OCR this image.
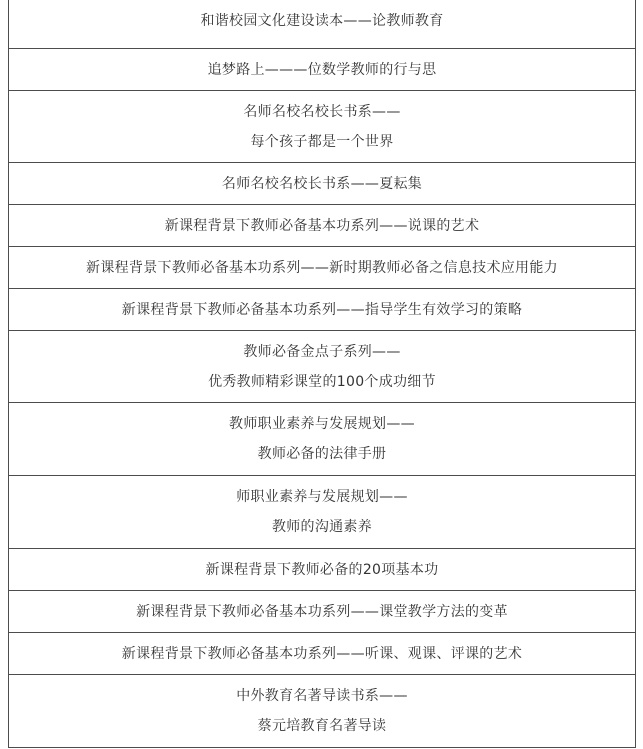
和谐校园文化建设读本——论教师教育

追梦路上———位数学教师的行与思

名师名校名校长书系——
每个孩子都是一个世界

名师名校名校长书系——夏耘集

新课程背景下教师必备基本功系列——说课的艺术

新课程背景下教师必备基本功系列——新时期教师必备之信息技术应用能力

新课程背景下教师必备基本功系列——指导学生有效学习的策略

教师必备金点子系列——
优秀教师精彩课堂的100个成功细节

教师职业素养与发展规划——
教师必备的法律手册

师职业素养与发展规划——
教师的沟通素养

新课程背景下教师必备的20项基本功

新课程背景下教师必备基本功系列——课堂教学方法的变革

新课程背景下教师必备基本功系列——听课、观课、评课的艺术

中外教育名著导读书系——
蔡元培教育名著导读
